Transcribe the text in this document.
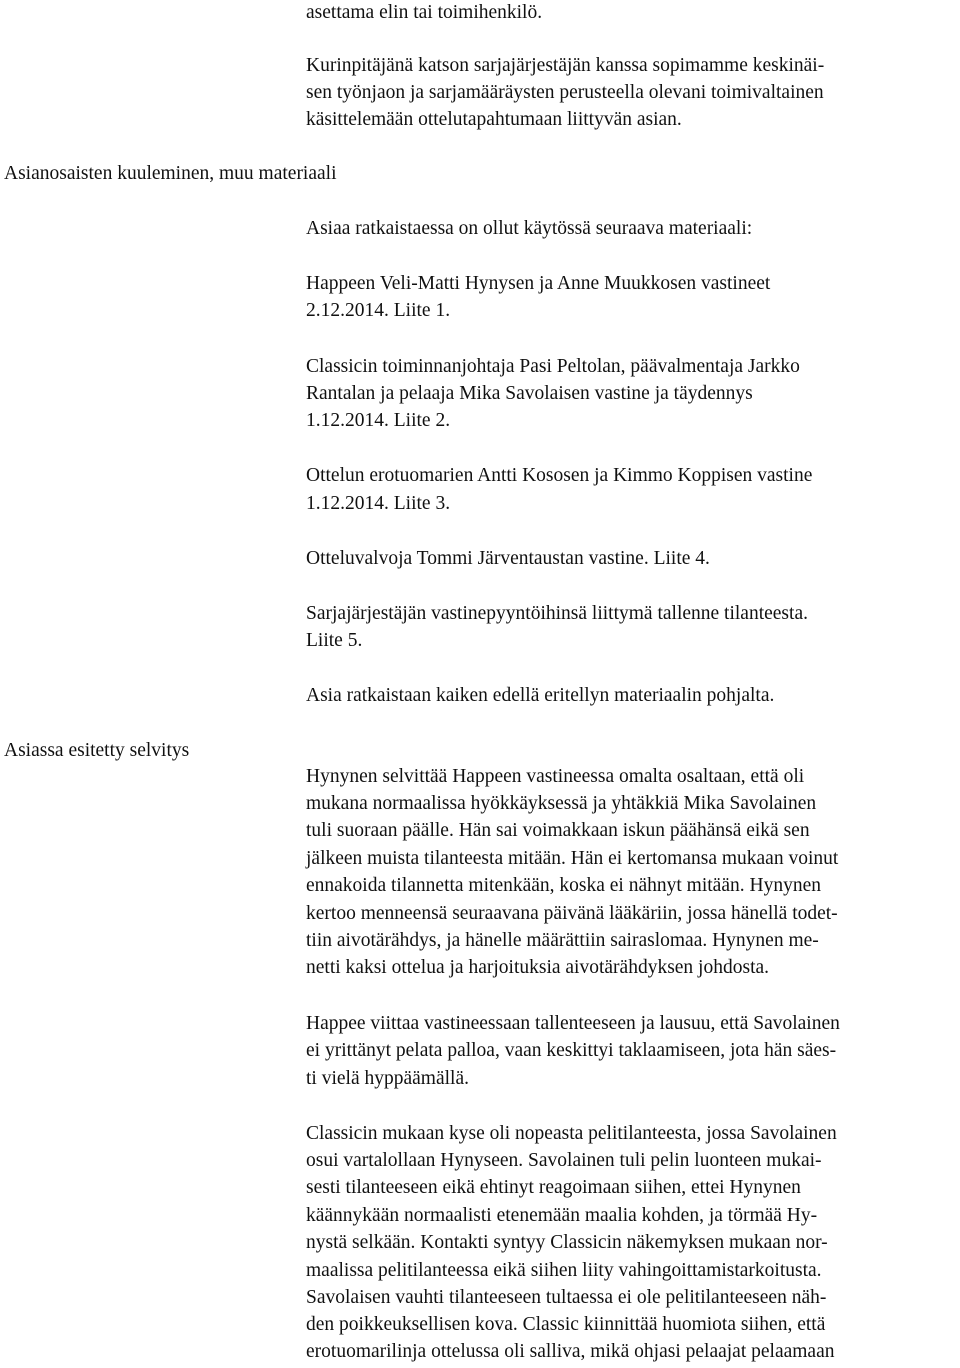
asettama elin tai toimihenkilö.

Kurinpitäjänä katson sarjajärjestäjän kanssa sopimamme keskinäi-

sen työnjaon ja sarjamääräysten perusteella olevani toimivaltainen

käsittelemään ottelutapahtumaan liittyvän asian.

Asianosaisten kuuleminen, muu materiaali

Asiaa ratkaistaessa on ollut käytössä seuraava materiaali:

Happeen Veli-Matti Hynysen ja Anne Muukkosen vastineet

2.12.2014. Liite 1.

Classicin toiminnanjohtaja Pasi Peltolan, päävalmentaja Jarkko

Rantalan ja pelaaja Mika Savolaisen vastine ja täydennys

1.12.2014. Liite 2.

Ottelun erotuomarien Antti Kososen ja Kimmo Koppisen vastine

1.12.2014. Liite 3.

Otteluvalvoja Tommi Järventaustan vastine. Liite 4.

Sarjajärjestäjän vastinepyyntöihinsä liittymä tallenne tilanteesta.

Liite 5.

Asia ratkaistaan kaiken edellä eritellyn materiaalin pohjalta.

Asiassa esitetty selvitys

Hynynen selvittää Happeen vastineessa omalta osaltaan, että oli

mukana normaalissa hyökkäyksessä ja yhtäkkiä Mika Savolainen

tuli suoraan päälle. Hän sai voimakkaan iskun päähänsä eikä sen

jälkeen muista tilanteesta mitään. Hän ei kertomansa mukaan voinut

ennakoida tilannetta mitenkään, koska ei nähnyt mitään. Hynynen

kertoo menneensä seuraavana päivänä lääkäriin, jossa hänellä todet-

tiin aivotärähdys, ja hänelle määrättiin sairaslomaa. Hynynen me-

netti kaksi ottelua ja harjoituksia aivotärähdyksen johdosta.

Happee viittaa vastineessaan tallenteeseen ja lausuu, että Savolainen

ei yrittänyt pelata palloa, vaan keskittyi taklaamiseen, jota hän säes-

ti vielä hyppäämällä.

Classicin mukaan kyse oli nopeasta pelitilanteesta, jossa Savolainen

osui vartalollaan Hynyseen. Savolainen tuli pelin luonteen mukai-

sesti tilanteeseen eikä ehtinyt reagoimaan siihen, ettei Hynynen

käännykään normaalisti etenemään maalia kohden, ja törmää Hy-

nystä selkään. Kontakti syntyy Classicin näkemyksen mukaan nor-

maalissa pelitilanteessa eikä siihen liity vahingoittamistarkoitusta.

Savolaisen vauhti tilanteeseen tultaessa ei ole pelitilanteeseen näh-

den poikkeuksellisen kova. Classic kiinnittää huomiota siihen, että

erotuomarilinja ottelussa oli salliva, mikä ohjasi pelaajat pelaamaan
